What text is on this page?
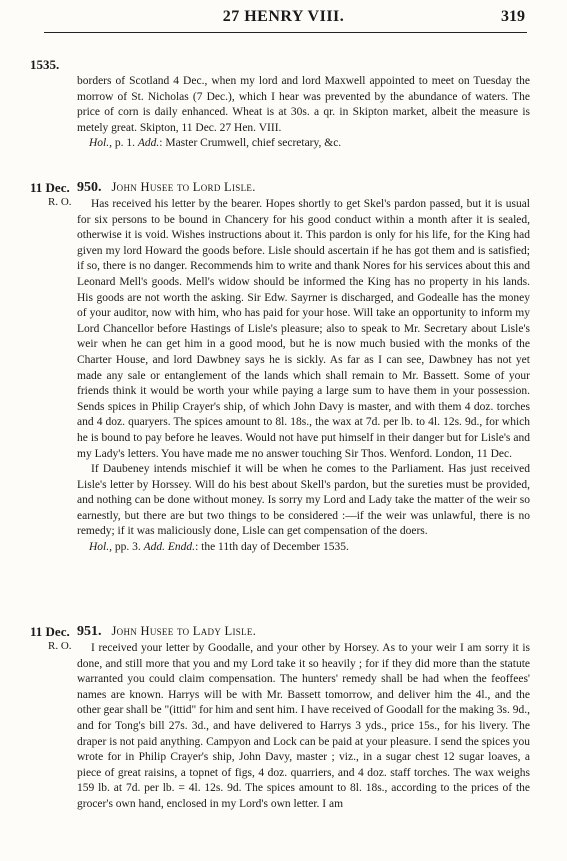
27 HENRY VIII.	319
1535.

borders of Scotland 4 Dec., when my lord and lord Maxwell appointed to meet on Tuesday the morrow of St. Nicholas (7 Dec.), which I hear was prevented by the abundance of waters. The price of corn is daily enhanced. Wheat is at 30s. a qr. in Skipton market, albeit the measure is metely great. Skipton, 11 Dec. 27 Hen. VIII.

Hol., p. 1. Add.: Master Crumwell, chief secretary, &c.

11 Dec.
R. O.
950. John Husee to Lord Lisle.

Has received his letter by the bearer. Hopes shortly to get Skel's pardon passed, but it is usual for six persons to be bound in Chancery for his good conduct within a month after it is sealed, otherwise it is void. Wishes instructions about it. This pardon is only for his life, for the King had given my lord Howard the goods before. Lisle should ascertain if he has got them and is satisfied; if so, there is no danger. Recommends him to write and thank Nores for his services about this and Leonard Mell's goods. Mell's widow should be informed the King has no property in his lands. His goods are not worth the asking. Sir Edw. Sayrner is discharged, and Godealle has the money of your auditor, now with him, who has paid for your hose. Will take an opportunity to inform my Lord Chancellor before Hastings of Lisle's pleasure; also to speak to Mr. Secretary about Lisle's weir when he can get him in a good mood, but he is now much busied with the monks of the Charter House, and lord Dawbney says he is sickly. As far as I can see, Dawbney has not yet made any sale or entanglement of the lands which shall remain to Mr. Bassett. Some of your friends think it would be worth your while paying a large sum to have them in your possession. Sends spices in Philip Crayer's ship, of which John Davy is master, and with them 4 doz. torches and 4 doz. quaryers. The spices amount to 8l. 18s., the wax at 7d. per lb. to 4l. 12s. 9d., for which he is bound to pay before he leaves. Would not have put himself in their danger but for Lisle's and my Lady's letters. You have made me no answer touching Sir Thos. Wenford. London, 11 Dec.

If Daubeney intends mischief it will be when he comes to the Parliament. Has just received Lisle's letter by Horssey. Will do his best about Skell's pardon, but the sureties must be provided, and nothing can be done without money. Is sorry my Lord and Lady take the matter of the weir so earnestly, but there are but two things to be considered :—if the weir was unlawful, there is no remedy; if it was maliciously done, Lisle can get compensation of the doers.

Hol., pp. 3. Add. Endd.: the 11th day of December 1535.

11 Dec.
R. O.
951. John Husee to Lady Lisle.

I received your letter by Goodalle, and your other by Horsey. As to your weir I am sorry it is done, and still more that you and my Lord take it so heavily ; for if they did more than the statute warranted you could claim compensation. The hunters' remedy shall be had when the feoffees' names are known. Harrys will be with Mr. Bassett tomorrow, and deliver him the 4l., and the other gear shall be "(ittid" for him and sent him. I have received of Goodall for the making 3s. 9d., and for Tong's bill 27s. 3d., and have delivered to Harrys 3 yds., price 15s., for his livery. The draper is not paid anything. Campyon and Lock can be paid at your pleasure. I send the spices you wrote for in Philip Crayer's ship, John Davy, master ; viz., in a sugar chest 12 sugar loaves, a piece of great raisins, a topnet of figs, 4 doz. quarriers, and 4 doz. staff torches. The wax weighs 159 lb. at 7d. per lb. = 4l. 12s. 9d. The spices amount to 8l. 18s., according to the prices of the grocer's own hand, enclosed in my Lord's own letter. I am
